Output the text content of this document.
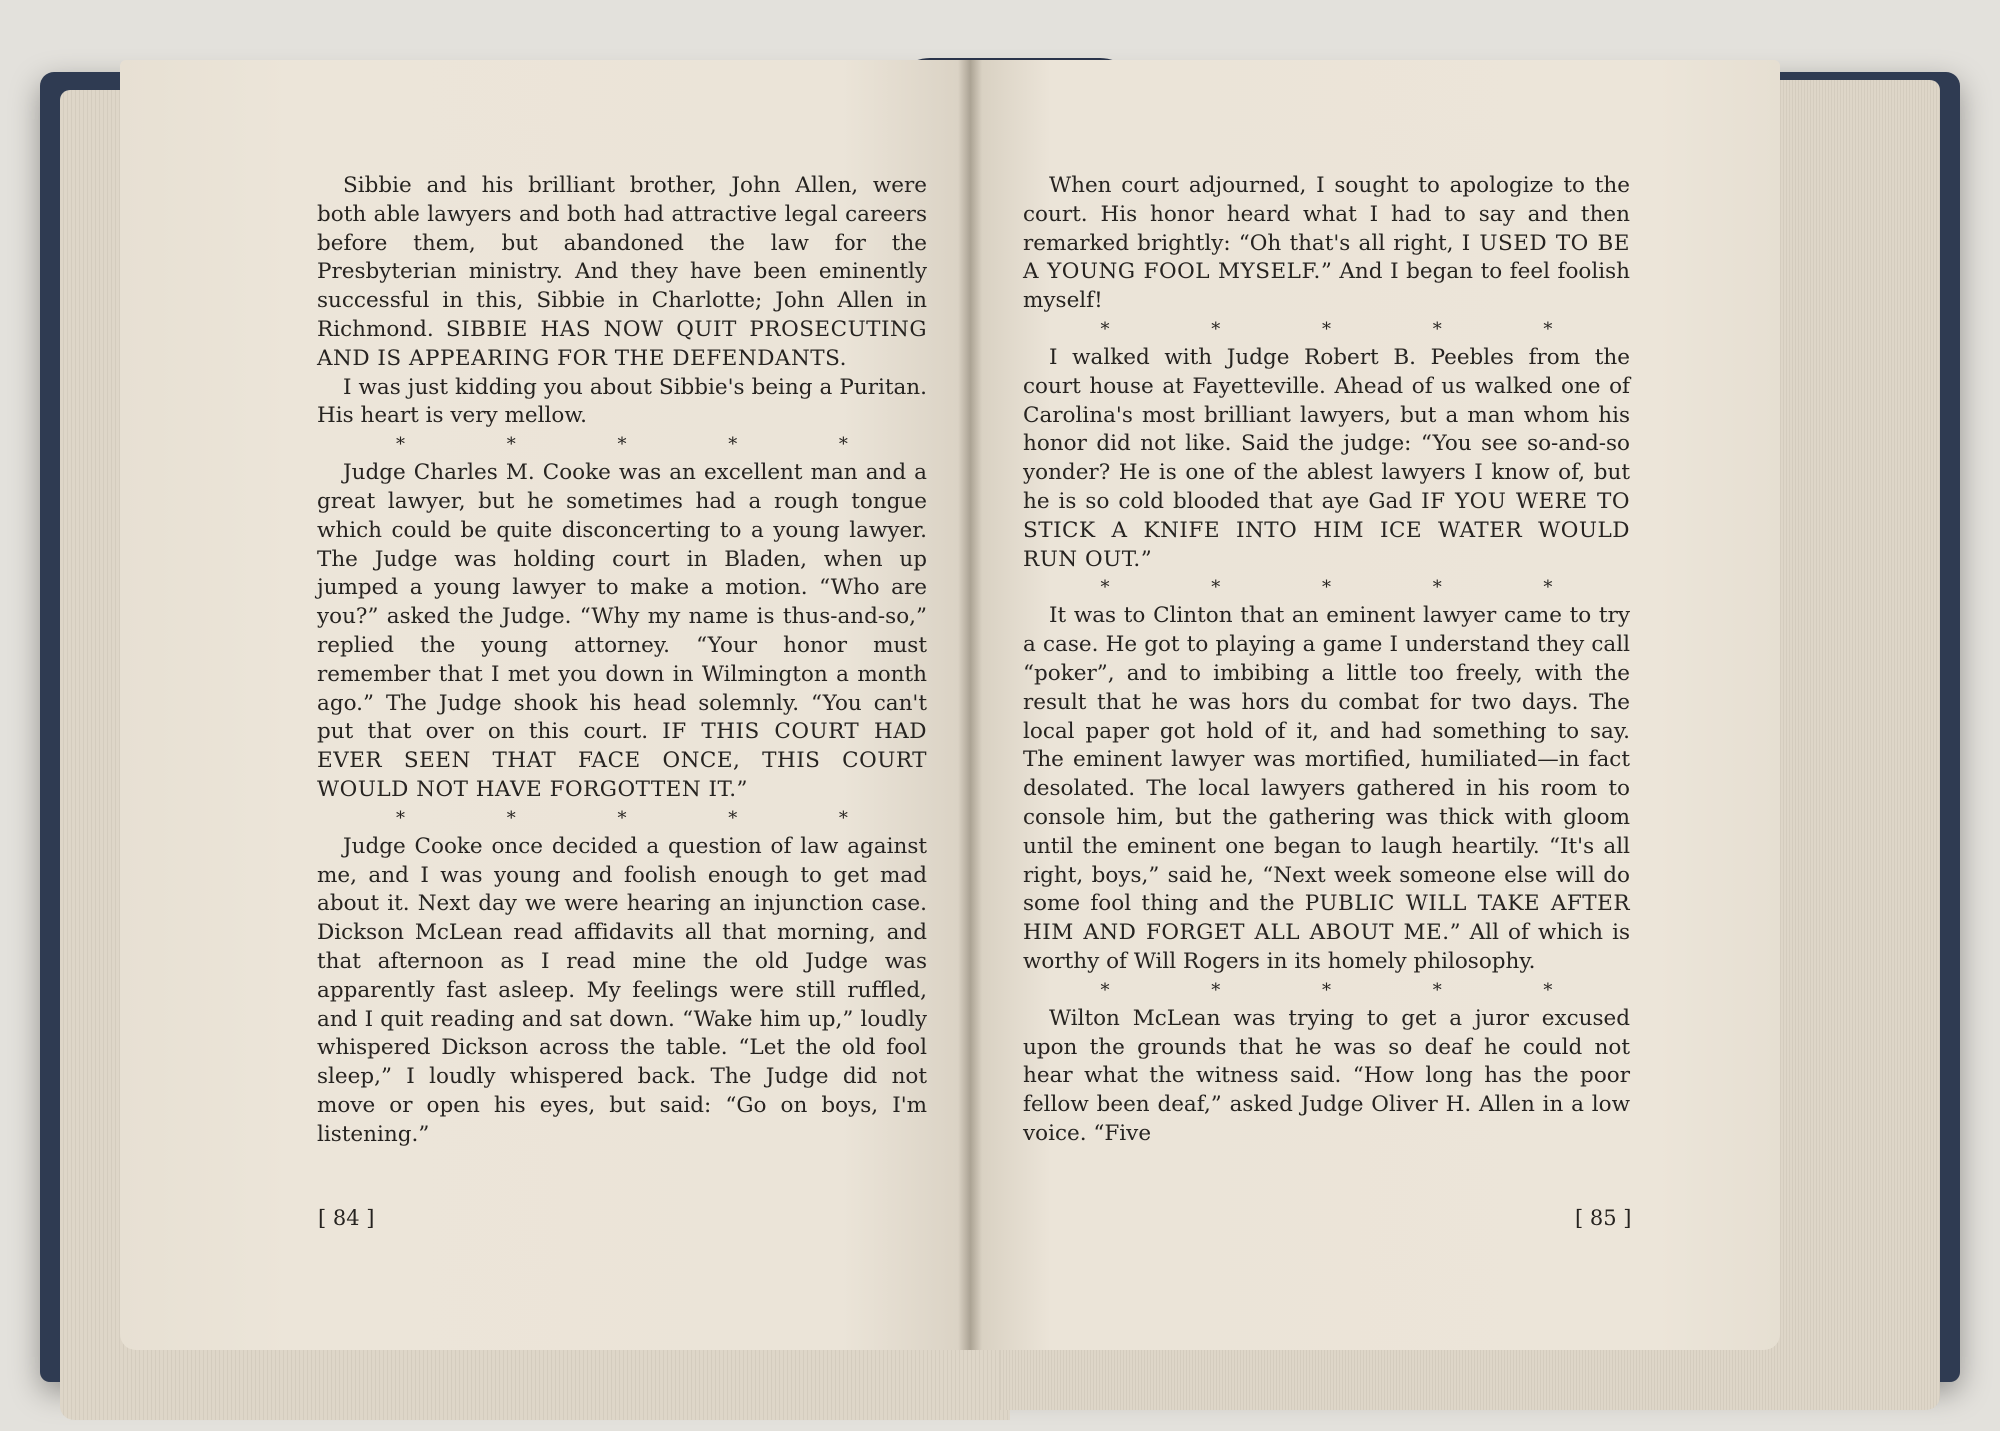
Sibbie and his brilliant brother, John Allen, were both able lawyers and both had attractive legal careers before them, but abandoned the law for the Presbyterian ministry. And they have been eminently successful in this, Sibbie in Charlotte; John Allen in Richmond. SIBBIE HAS NOW QUIT PROSECUTING AND IS APPEARING FOR THE DEFENDANTS.

I was just kidding you about Sibbie's being a Puritan. His heart is very mellow.

* * * * *

Judge Charles M. Cooke was an excellent man and a great lawyer, but he sometimes had a rough tongue which could be quite disconcerting to a young lawyer. The Judge was holding court in Bladen, when up jumped a young lawyer to make a motion. “Who are you?” asked the Judge. “Why my name is thus-and-so,” replied the young attorney. “Your honor must remember that I met you down in Wilmington a month ago.” The Judge shook his head solemnly. “You can't put that over on this court. IF THIS COURT HAD EVER SEEN THAT FACE ONCE, THIS COURT WOULD NOT HAVE FORGOTTEN IT.”

* * * * *

Judge Cooke once decided a question of law against me, and I was young and foolish enough to get mad about it. Next day we were hearing an injunction case. Dickson McLean read affidavits all that morning, and that afternoon as I read mine the old Judge was apparently fast asleep. My feelings were still ruffled, and I quit reading and sat down. “Wake him up,” loudly whispered Dickson across the table. “Let the old fool sleep,” I loudly whispered back. The Judge did not move or open his eyes, but said: “Go on boys, I'm listening.”

[ 84 ]

When court adjourned, I sought to apologize to the court. His honor heard what I had to say and then remarked brightly: “Oh that's all right, I USED TO BE A YOUNG FOOL MYSELF.” And I began to feel foolish myself!

* * * * *

I walked with Judge Robert B. Peebles from the court house at Fayetteville. Ahead of us walked one of Carolina's most brilliant lawyers, but a man whom his honor did not like. Said the judge: “You see so-and-so yonder? He is one of the ablest lawyers I know of, but he is so cold blooded that aye Gad IF YOU WERE TO STICK A KNIFE INTO HIM ICE WATER WOULD RUN OUT.”

* * * * *

It was to Clinton that an eminent lawyer came to try a case. He got to playing a game I understand they call “poker”, and to imbibing a little too freely, with the result that he was hors du combat for two days. The local paper got hold of it, and had something to say. The eminent lawyer was mortified, humiliated—in fact desolated. The local lawyers gathered in his room to console him, but the gathering was thick with gloom until the eminent one began to laugh heartily. “It's all right, boys,” said he, “Next week someone else will do some fool thing and the PUBLIC WILL TAKE AFTER HIM AND FORGET ALL ABOUT ME.” All of which is worthy of Will Rogers in its homely philosophy.

* * * * *

Wilton McLean was trying to get a juror excused upon the grounds that he was so deaf he could not hear what the witness said. “How long has the poor fellow been deaf,” asked Judge Oliver H. Allen in a low voice. “Five

[ 85 ]
